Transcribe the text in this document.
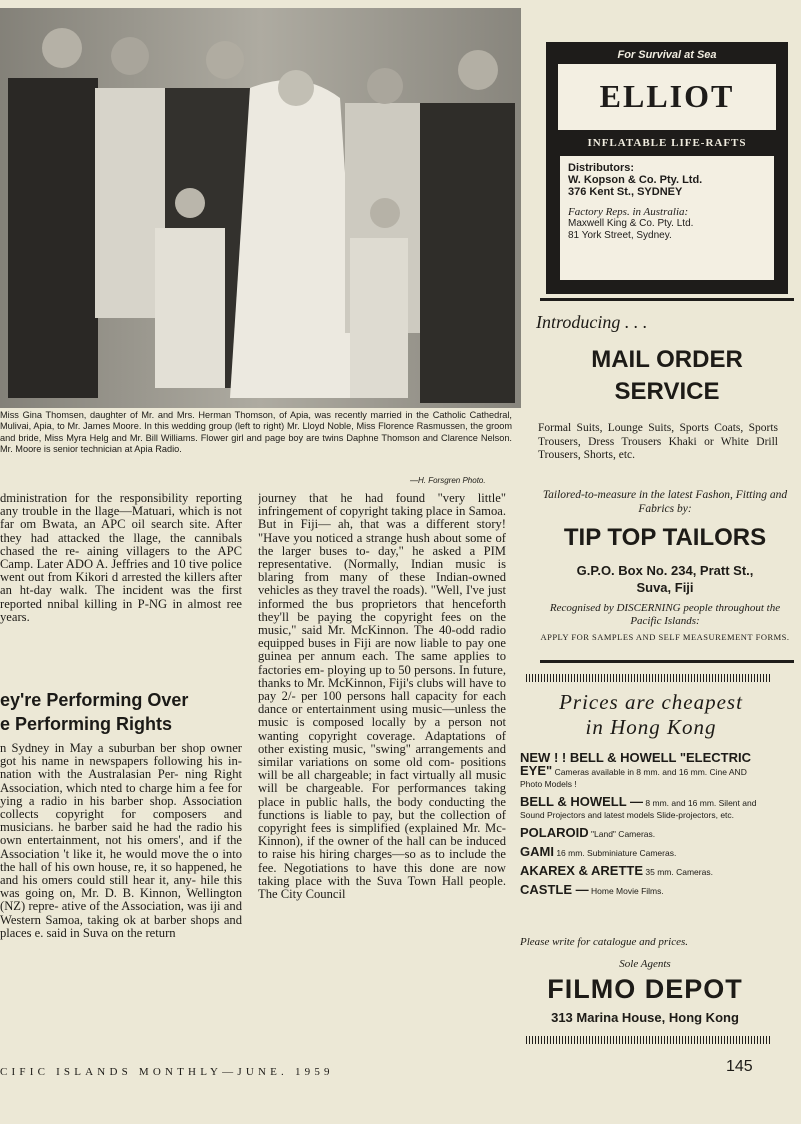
Miss Gina Thomsen, daughter of Mr. and Mrs. Herman Thomson, of Apia, was recently married in the Catholic Cathedral, Mulivai, Apia, to Mr. James Moore. In this wedding group (left to right) Mr. Lloyd Noble, Miss Florence Rasmussen, the groom and bride, Miss Myra Helg and Mr. Bill Williams. Flower girl and page boy are twins Daphne Thomson and Clarence Nelson. Mr. Moore is senior technician at Apia Radio.

—H. Forsgren Photo.

dministration for the responsibility reporting any trouble in the llage—Matuari, which is not far om Bwata, an APC oil search site. After they had attacked the llage, the cannibals chased the re- aining villagers to the APC Camp. Later ADO A. Jeffries and 10 tive police went out from Kikori d arrested the killers after an ht-day walk. The incident was the first reported nnibal killing in P-NG in almost ree years.

ey're Performing Over
e Performing Rights

n Sydney in May a suburban ber shop owner got his name in newspapers following his in- nation with the Australasian Per- ning Right Association, which nted to charge him a fee for ying a radio in his barber shop. Association collects copyright for composers and musicians. he barber said he had the radio his own entertainment, not his omers', and if the Association 't like it, he would move the o into the hall of his own house, re, it so happened, he and his omers could still hear it, any- hile this was going on, Mr. D. B. Kinnon, Wellington (NZ) repre- ative of the Association, was iji and Western Samoa, taking ok at barber shops and places e. said in Suva on the return

journey that he had found "very little" infringement of copyright taking place in Samoa. But in Fiji— ah, that was a different story! "Have you noticed a strange hush about some of the larger buses to- day," he asked a PIM representative. (Normally, Indian music is blaring from many of these Indian-owned vehicles as they travel the roads). "Well, I've just informed the bus proprietors that henceforth they'll be paying the copyright fees on the music," said Mr. McKinnon. The 40-odd radio equipped buses in Fiji are now liable to pay one guinea per annum each. The same applies to factories em- ploying up to 50 persons. In future, thanks to Mr. McKinnon, Fiji's clubs will have to pay 2/- per 100 persons hall capacity for each dance or entertainment using music—unless the music is composed locally by a person not wanting copyright coverage. Adaptations of other existing music, "swing" arrangements and similar variations on some old com- positions will be all chargeable; in fact virtually all music will be chargeable. For performances taking place in public halls, the body conducting the functions is liable to pay, but the collection of copyright fees is simplified (explained Mr. Mc- Kinnon), if the owner of the hall can be induced to raise his hiring charges—so as to include the fee. Negotiations to have this done are now taking place with the Suva Town Hall people. The City Council

For Survival at Sea
ELLIOT
INFLATABLE LIFE-RAFTS
Distributors:
W. Kopson & Co. Pty. Ltd.
376 Kent St., SYDNEY
Factory Reps. in Australia:
Maxwell King & Co. Pty. Ltd.
81 York Street, Sydney.
Introducing . . .
MAIL ORDER SERVICE
Formal Suits, Lounge Suits, Sports Coats, Sports Trousers, Dress Trousers Khaki or White Drill Trousers, Shorts, etc.
Tailored-to-measure in the latest Fashon, Fitting and Fabrics by:
TIP TOP TAILORS
G.P.O. Box No. 234, Pratt St.,
Suva, Fiji
Recognised by DISCERNING people throughout the Pacific Islands:
APPLY FOR SAMPLES AND SELF MEASUREMENT FORMS.
Prices are cheapest
in Hong Kong
NEW ! ! BELL & HOWELL "ELECTRIC EYE" Cameras available in 8 mm. and 16 mm. Cine AND Photo Models !
BELL & HOWELL — 8 mm. and 16 mm. Silent and Sound Projectors and latest models Slide-projectors, etc.
POLAROID "Land" Cameras.
GAMI 16 mm. Subminiature Cameras.
AKAREX & ARETTE 35 mm. Cameras.
CASTLE — Home Movie Films.
Please write for catalogue and prices.
Sole Agents
FILMO DEPOT
313 Marina House, Hong Kong
CIFIC ISLANDS MONTHLY—JUNE. 1959	145
